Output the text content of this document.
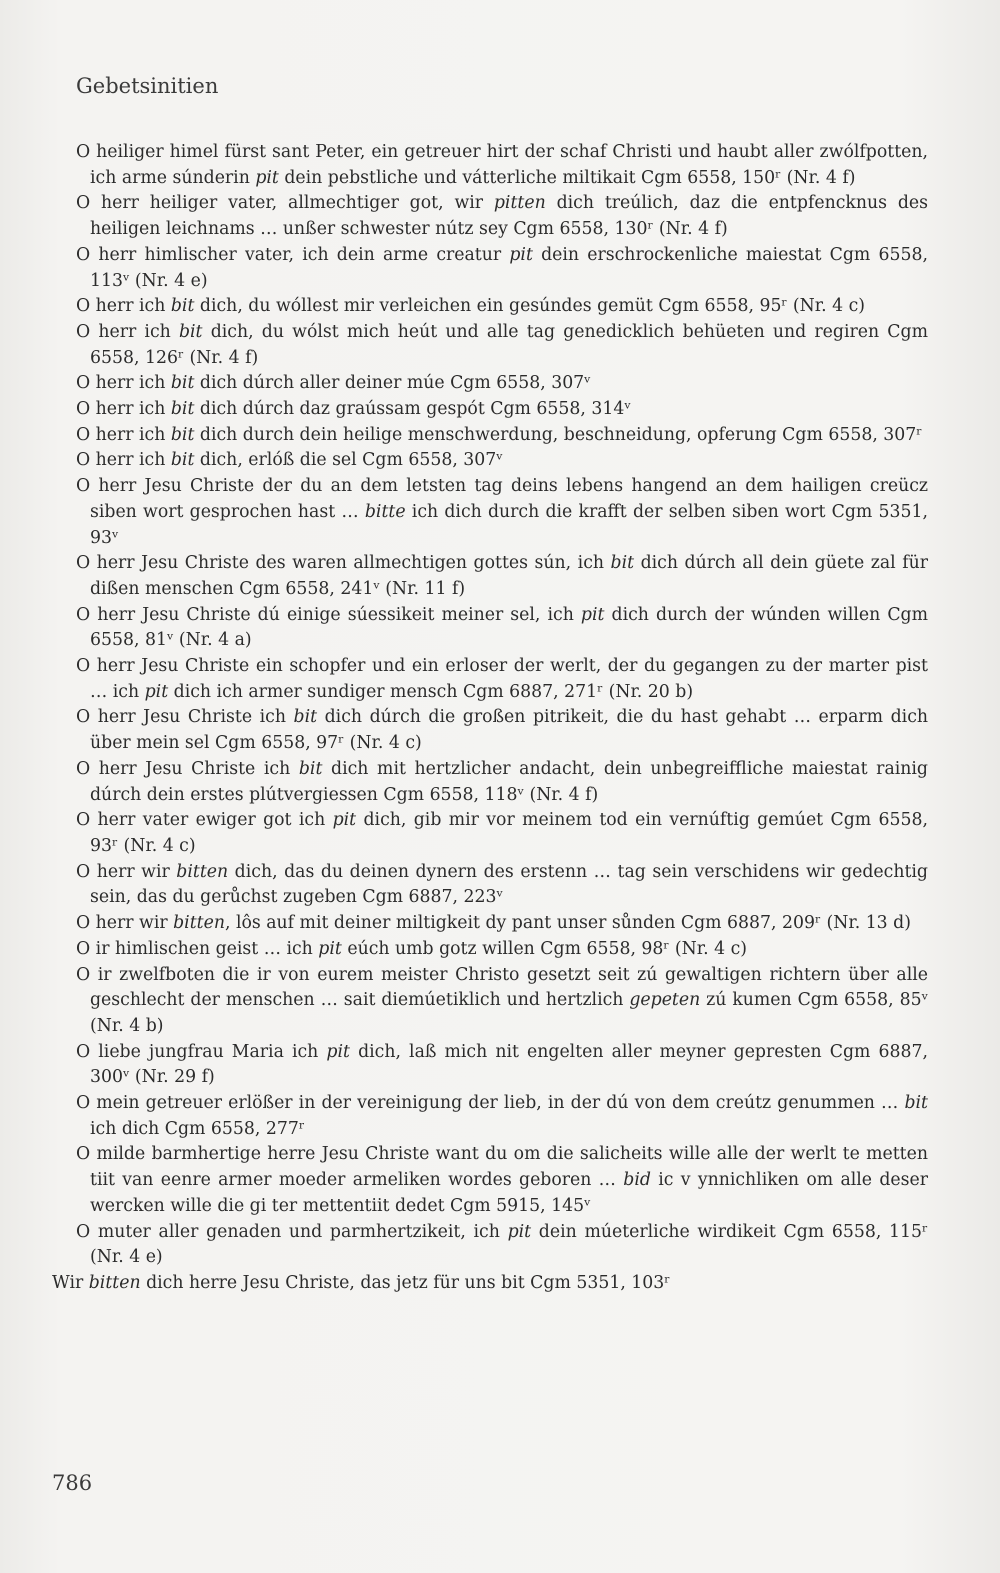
Gebetsinitien

O heiliger himel fürst sant Peter, ein getreuer hirt der schaf Christi und haubt aller zwólfpotten, ich arme súnderin pit dein pebstliche und vátterliche miltikait Cgm 6558, 150ʳ (Nr. 4 f)

O herr heiliger vater, allmechtiger got, wir pitten dich treúlich, daz die entpfencknus des heiligen leichnams … unßer schwester nútz sey Cgm 6558, 130ʳ (Nr. 4 f)

O herr himlischer vater, ich dein arme creatur pit dein erschrockenliche maiestat Cgm 6558, 113ᵛ (Nr. 4 e)

O herr ich bit dich, du wóllest mir verleichen ein gesúndes gemüt Cgm 6558, 95ʳ (Nr. 4 c)

O herr ich bit dich, du wólst mich heút und alle tag genedicklich behüeten und regiren Cgm 6558, 126ʳ (Nr. 4 f)

O herr ich bit dich dúrch aller deiner múe Cgm 6558, 307ᵛ

O herr ich bit dich dúrch daz graússam gespót Cgm 6558, 314ᵛ

O herr ich bit dich durch dein heilige menschwerdung, beschneidung, opferung Cgm 6558, 307ʳ

O herr ich bit dich, erlóß die sel Cgm 6558, 307ᵛ

O herr Jesu Christe der du an dem letsten tag deins lebens hangend an dem hailigen creücz siben wort gesprochen hast … bitte ich dich durch die krafft der selben siben wort Cgm 5351, 93ᵛ

O herr Jesu Christe des waren allmechtigen gottes sún, ich bit dich dúrch all dein güete zal für dißen menschen Cgm 6558, 241ᵛ (Nr. 11 f)

O herr Jesu Christe dú einige súessikeit meiner sel, ich pit dich durch der wúnden willen Cgm 6558, 81ᵛ (Nr. 4 a)

O herr Jesu Christe ein schopfer und ein erloser der werlt, der du gegangen zu der marter pist … ich pit dich ich armer sundiger mensch Cgm 6887, 271ʳ (Nr. 20 b)

O herr Jesu Christe ich bit dich dúrch die großen pitrikeit, die du hast gehabt … erparm dich über mein sel Cgm 6558, 97ʳ (Nr. 4 c)

O herr Jesu Christe ich bit dich mit hertzlicher andacht, dein unbegreiffliche maiestat rainig dúrch dein erstes plútvergiessen Cgm 6558, 118ᵛ (Nr. 4 f)

O herr vater ewiger got ich pit dich, gib mir vor meinem tod ein vernúftig gemúet Cgm 6558, 93ʳ (Nr. 4 c)

O herr wir bitten dich, das du deinen dynern des erstenn … tag sein verschidens wir gedechtig sein, das du gerůchst zugeben Cgm 6887, 223ᵛ

O herr wir bitten, lôs auf mit deiner miltigkeit dy pant unser sůnden Cgm 6887, 209ʳ (Nr. 13 d)

O ir himlischen geist … ich pit eúch umb gotz willen Cgm 6558, 98ʳ (Nr. 4 c)

O ir zwelfboten die ir von eurem meister Christo gesetzt seit zú gewaltigen richtern über alle geschlecht der menschen … sait diemúetiklich und hertzlich gepeten zú kumen Cgm 6558, 85ᵛ (Nr. 4 b)

O liebe jungfrau Maria ich pit dich, laß mich nit engelten aller meyner gepresten Cgm 6887, 300ᵛ (Nr. 29 f)

O mein getreuer erlößer in der vereinigung der lieb, in der dú von dem creútz genummen … bit ich dich Cgm 6558, 277ʳ

O milde barmhertige herre Jesu Christe want du om die salicheits wille alle der werlt te metten tiit van eenre armer moeder armeliken wordes geboren … bid ic v ynnichliken om alle deser wercken wille die gi ter mettentiit dedet Cgm 5915, 145ᵛ

O muter aller genaden und parmhertzikeit, ich pit dein múeterliche wirdikeit Cgm 6558, 115ʳ (Nr. 4 e)

Wir bitten dich herre Jesu Christe, das jetz für uns bit Cgm 5351, 103ʳ

786
